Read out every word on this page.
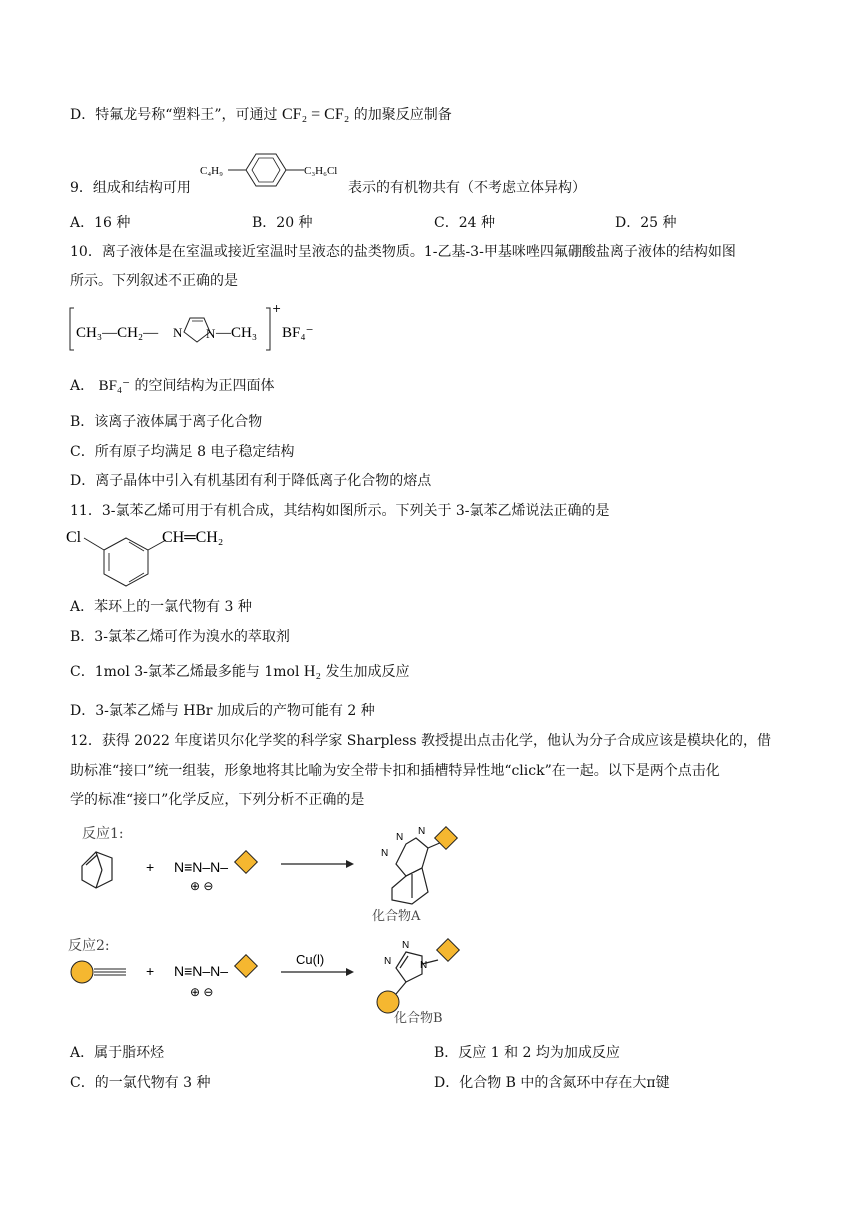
D．特氟龙号称“塑料王”，可通过 CF₂ = CF₂ 的加聚反应制备
9．组成和结构可用
C₄H₉	C₃H₆Cl
表示的有机物共有（不考虑立体异构）
A．16 种	B．20 种	C．24 种	D．25 种
10．离子液体是在室温或接近室温时呈液态的盐类物质。1-乙基-3-甲基咪唑四氟硼酸盐离子液体的结构如图
所示。下列叙述不正确的是
CH₃—CH₂— N N —CH₃
+
BF₄⁻
A． BF₄⁻ 的空间结构为正四面体
B．该离子液体属于离子化合物
C．所有原子均满足 8 电子稳定结构
D．离子晶体中引入有机基团有利于降低离子化合物的熔点
11．3-氯苯乙烯可用于有机合成，其结构如图所示。下列关于 3-氯苯乙烯说法正确的是
Cl	CH═CH₂
A．苯环上的一氯代物有 3 种
B．3-氯苯乙烯可作为溴水的萃取剂
C．1mol 3-氯苯乙烯最多能与 1mol H₂ 发生加成反应
D．3-氯苯乙烯与 HBr 加成后的产物可能有 2 种
12．获得 2022 年度诺贝尔化学奖的科学家 Sharpless 教授提出点击化学，他认为分子合成应该是模块化的，借
助标准“接口”统一组装，形象地将其比喻为安全带卡扣和插槽特异性地“click”在一起。以下是两个点击化
学的标准“接口”化学反应，下列分析不正确的是
反应1:
+ N≡N–N–
⊕ ⊖
N
N
N
化合物A
反应2:
+ N≡N–N–
⊕ ⊖
Cu(l)	N
N
N
化合物B
A．属于脂环烃	B．反应 1 和 2 均为加成反应
C．的一氯代物有 3 种	D．化合物 B 中的含氮环中存在大π键
